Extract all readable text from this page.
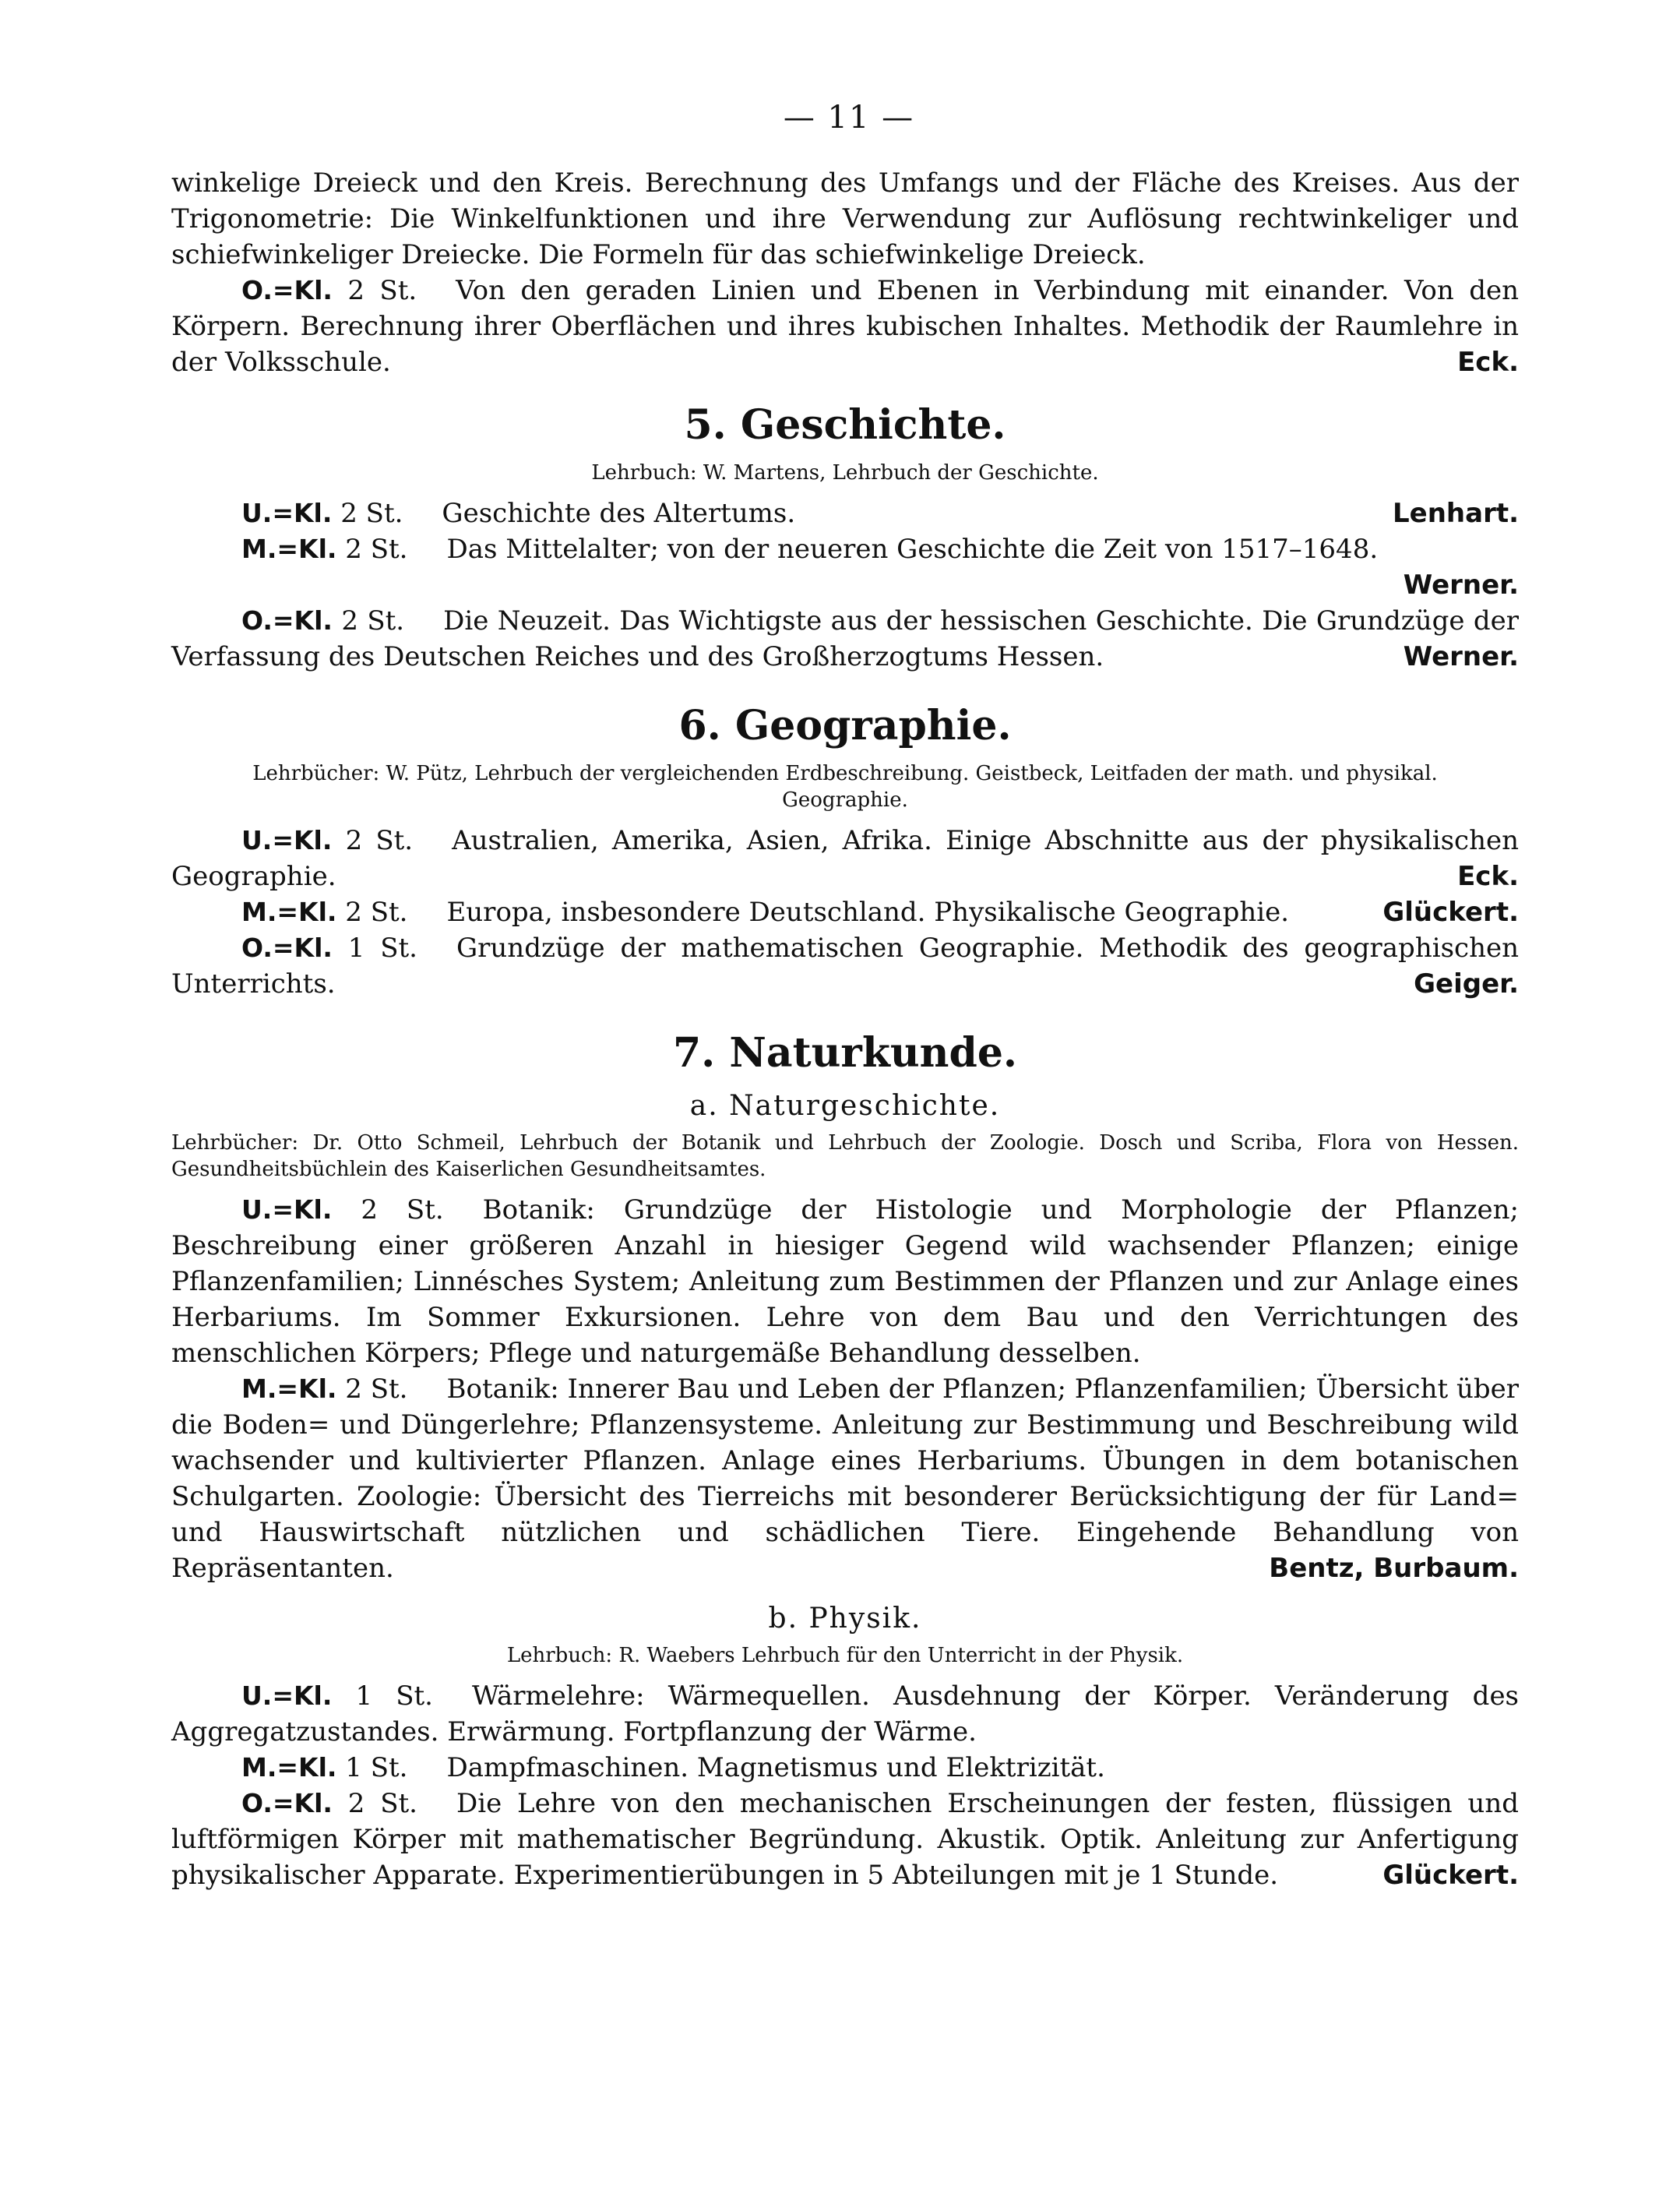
— 11 —

winkelige Dreieck und den Kreis. Berechnung des Umfangs und der Fläche des Kreises. Aus der Trigonometrie: Die Winkelfunktionen und ihre Verwendung zur Auflösung rechtwinkeliger und schiefwinkeliger Dreiecke. Die Formeln für das schiefwinkelige Dreieck.

O.=Kl. 2 St. Von den geraden Linien und Ebenen in Verbindung mit einander. Von den Körpern. Berechnung ihrer Oberflächen und ihres kubischen Inhaltes. Methodik der Raumlehre in der Volksschule.	Eck.

5. Geschichte.
Lehrbuch: W. Martens, Lehrbuch der Geschichte.

U.=Kl. 2 St. Geschichte des Altertums.	Lenhart.

M.=Kl. 2 St. Das Mittelalter; von der neueren Geschichte die Zeit von 1517–1648.
Werner.

O.=Kl. 2 St. Die Neuzeit. Das Wichtigste aus der hessischen Geschichte. Die Grundzüge der Verfassung des Deutschen Reiches und des Großherzogtums Hessen.	Werner.

6. Geographie.
Lehrbücher: W. Pütz, Lehrbuch der vergleichenden Erdbeschreibung. Geistbeck, Leitfaden der math. und physikal. Geographie.

U.=Kl. 2 St. Australien, Amerika, Asien, Afrika. Einige Abschnitte aus der physikalischen Geographie.	Eck.

M.=Kl. 2 St. Europa, insbesondere Deutschland. Physikalische Geographie.	Glückert.

O.=Kl. 1 St. Grundzüge der mathematischen Geographie. Methodik des geographischen Unterrichts.	Geiger.

7. Naturkunde.
a. Naturgeschichte.
Lehrbücher: Dr. Otto Schmeil, Lehrbuch der Botanik und Lehrbuch der Zoologie. Dosch und Scriba, Flora von Hessen. Gesundheitsbüchlein des Kaiserlichen Gesundheitsamtes.

U.=Kl. 2 St. Botanik: Grundzüge der Histologie und Morphologie der Pflanzen; Beschreibung einer größeren Anzahl in hiesiger Gegend wild wachsender Pflanzen; einige Pflanzenfamilien; Linnésches System; Anleitung zum Bestimmen der Pflanzen und zur Anlage eines Herbariums. Im Sommer Exkursionen. Lehre von dem Bau und den Verrichtungen des menschlichen Körpers; Pflege und naturgemäße Behandlung desselben.

M.=Kl. 2 St. Botanik: Innerer Bau und Leben der Pflanzen; Pflanzenfamilien; Übersicht über die Boden= und Düngerlehre; Pflanzensysteme. Anleitung zur Bestimmung und Beschreibung wild wachsender und kultivierter Pflanzen. Anlage eines Herbariums. Übungen in dem botanischen Schulgarten. Zoologie: Übersicht des Tierreichs mit besonderer Berücksichtigung der für Land= und Hauswirtschaft nützlichen und schädlichen Tiere. Eingehende Behandlung von Repräsentanten.	Bentz, Burbaum.

b. Physik.
Lehrbuch: R. Waebers Lehrbuch für den Unterricht in der Physik.

U.=Kl. 1 St. Wärmelehre: Wärmequellen. Ausdehnung der Körper. Veränderung des Aggregatzustandes. Erwärmung. Fortpflanzung der Wärme.

M.=Kl. 1 St. Dampfmaschinen. Magnetismus und Elektrizität.

O.=Kl. 2 St. Die Lehre von den mechanischen Erscheinungen der festen, flüssigen und luftförmigen Körper mit mathematischer Begründung. Akustik. Optik. Anleitung zur Anfertigung physikalischer Apparate. Experimentierübungen in 5 Abteilungen mit je 1 Stunde.	Glückert.
